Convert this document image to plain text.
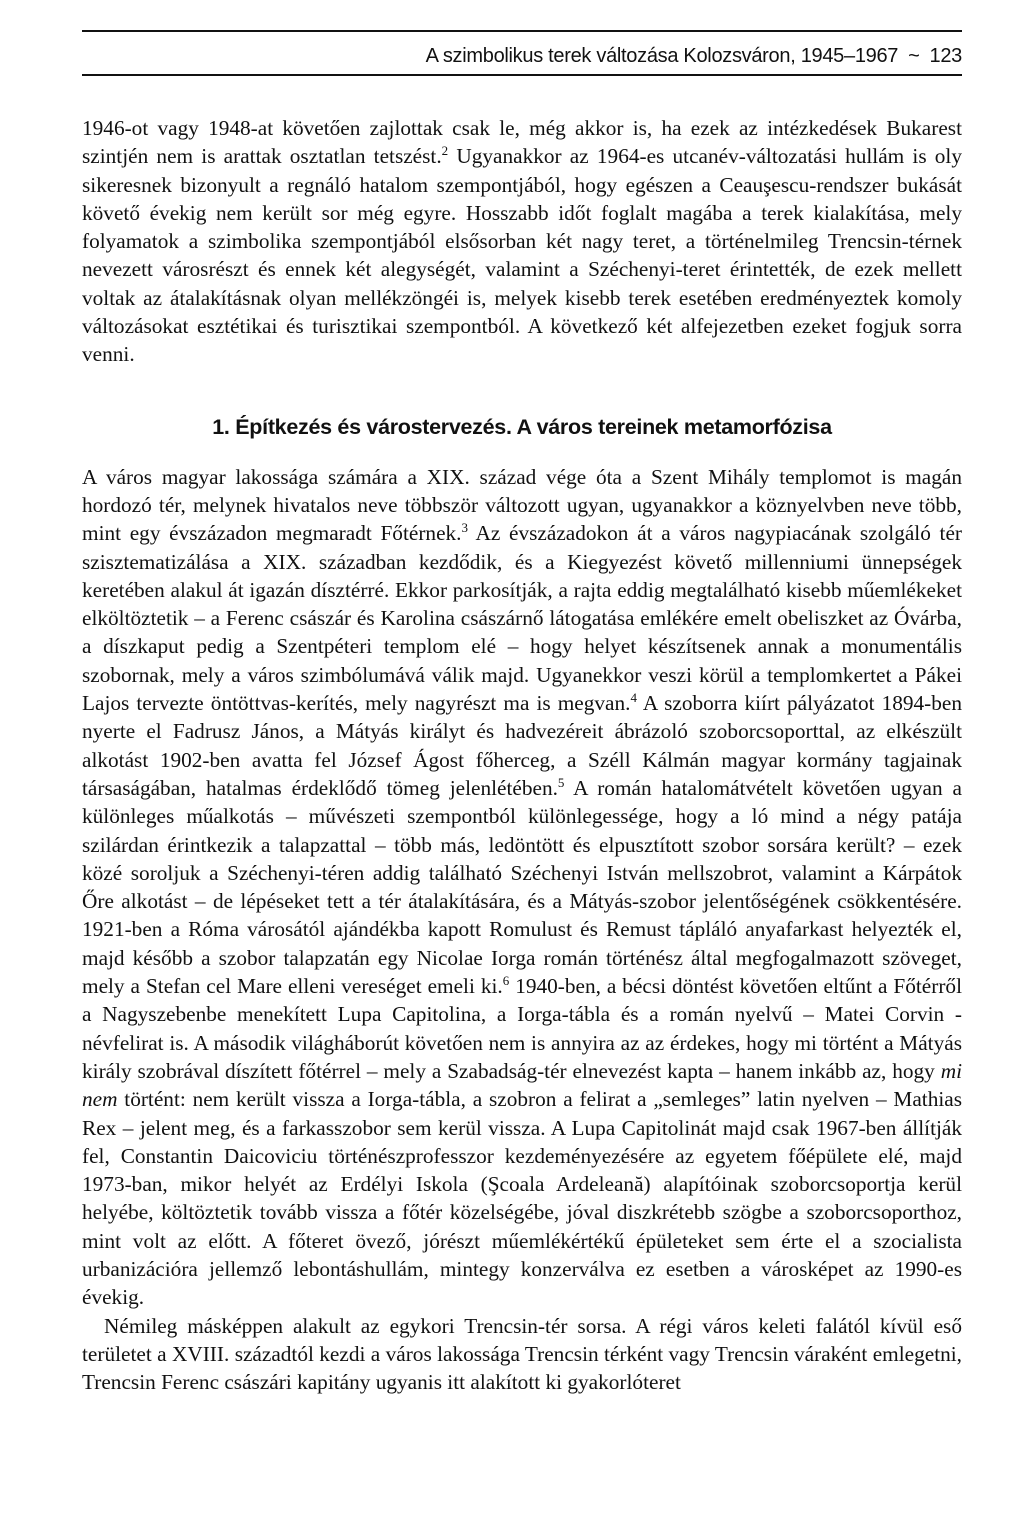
A szimbolikus terek változása Kolozsváron, 1945–1967 ~ 123

1946-ot vagy 1948-at követően zajlottak csak le, még akkor is, ha ezek az intézkedések Bukarest szintjén nem is arattak osztatlan tetszést.$^2$ Ugyanakkor az 1964-es utcanév-változatási hullám is oly sikeresnek bizonyult a regnáló hatalom szempontjából, hogy egészen a Ceauşescu-rendszer bukását követő évekig nem került sor még egyre. Hosszabb időt foglalt magába a terek kialakítása, mely folyamatok a szimbolika szempontjából elsősorban két nagy teret, a történelmileg Trencsin-térnek nevezett városrészt és ennek két alegységét, valamint a Széchenyi-teret érintették, de ezek mellett voltak az átalakításnak olyan mellékzöngéi is, melyek kisebb terek esetében eredményeztek komoly változásokat esztétikai és turisztikai szempontból. A következő két alfejezetben ezeket fogjuk sorra venni.

1. Építkezés és várostervezés. A város tereinek metamorfózisa

A város magyar lakossága számára a XIX. század vége óta a Szent Mihály templomot is magán hordozó tér, melynek hivatalos neve többször változott ugyan, ugyanakkor a köznyelvben neve több, mint egy évszázadon megmaradt Főtérnek.$^3$ Az évszázadokon át a város nagypiacának szolgáló tér szisztematizálása a XIX. században kezdődik, és a Kiegyezést követő millenniumi ünnepségek keretében alakul át igazán dísztérré. Ekkor parkosítják, a rajta eddig megtalálható kisebb műemlékeket elköltöztetik – a Ferenc császár és Karolina császárnő látogatása emlékére emelt obeliszket az Óvárba, a díszkaput pedig a Szentpéteri templom elé – hogy helyet készítsenek annak a monumentális szobornak, mely a város szimbólumává válik majd. Ugyanekkor veszi körül a templomkertet a Pákei Lajos tervezte öntöttvas-kerítés, mely nagyrészt ma is megvan.$^4$ A szoborra kiírt pályázatot 1894-ben nyerte el Fadrusz János, a Mátyás királyt és hadvezéreit ábrázoló szoborcsoporttal, az elkészült alkotást 1902-ben avatta fel József Ágost főherceg, a Széll Kálmán magyar kormány tagjainak társaságában, hatalmas érdeklődő tömeg jelenlétében.$^5$ A román hatalomátvételt követően ugyan a különleges műalkotás – művészeti szempontból különlegessége, hogy a ló mind a négy patája szilárdan érintkezik a talapzattal – több más, ledöntött és elpusztított szobor sorsára került? – ezek közé soroljuk a Széchenyi-téren addig található Széchenyi István mellszobrot, valamint a Kárpátok Őre alkotást – de lépéseket tett a tér átalakítására, és a Mátyás-szobor jelentőségének csökkentésére. 1921-ben a Róma városától ajándékba kapott Romulust és Remust tápláló anyafarkast helyezték el, majd később a szobor talapzatán egy Nicolae Iorga román történész által megfogalmazott szöveget, mely a Stefan cel Mare elleni vereséget emeli ki.$^6$ 1940-ben, a bécsi döntést követően eltűnt a Főtérről a Nagyszebenbe menekített Lupa Capitolina, a Iorga-tábla és a román nyelvű – Matei Corvin - névfelirat is. A második világháborút követően nem is annyira az az érdekes, hogy mi történt a Mátyás király szobrával díszített főtérrel – mely a Szabadság-tér elnevezést kapta – hanem inkább az, hogy mi nem történt: nem került vissza a Iorga-tábla, a szobron a felirat a „semleges” latin nyelven – Mathias Rex – jelent meg, és a farkasszobor sem kerül vissza. A Lupa Capitolinát majd csak 1967-ben állítják fel, Constantin Daicoviciu történészprofesszor kezdeményezésére az egyetem főépülete elé, majd 1973-ban, mikor helyét az Erdélyi Iskola (Şcoala Ardeleană) alapítóinak szoborcsoportja kerül helyébe, költöztetik tovább vissza a főtér közelségébe, jóval diszkrétebb szögbe a szoborcsoporthoz, mint volt az előtt. A főteret övező, jórészt műemlékértékű épületeket sem érte el a szocialista urbanizációra jellemző lebontáshullám, mintegy konzerválva ez esetben a városképet az 1990-es évekig.

Némileg másképpen alakult az egykori Trencsin-tér sorsa. A régi város keleti falától kívül eső területet a XVIII. századtól kezdi a város lakossága Trencsin térként vagy Trencsin váraként emlegetni, Trencsin Ferenc császári kapitány ugyanis itt alakított ki gyakorlóteret
